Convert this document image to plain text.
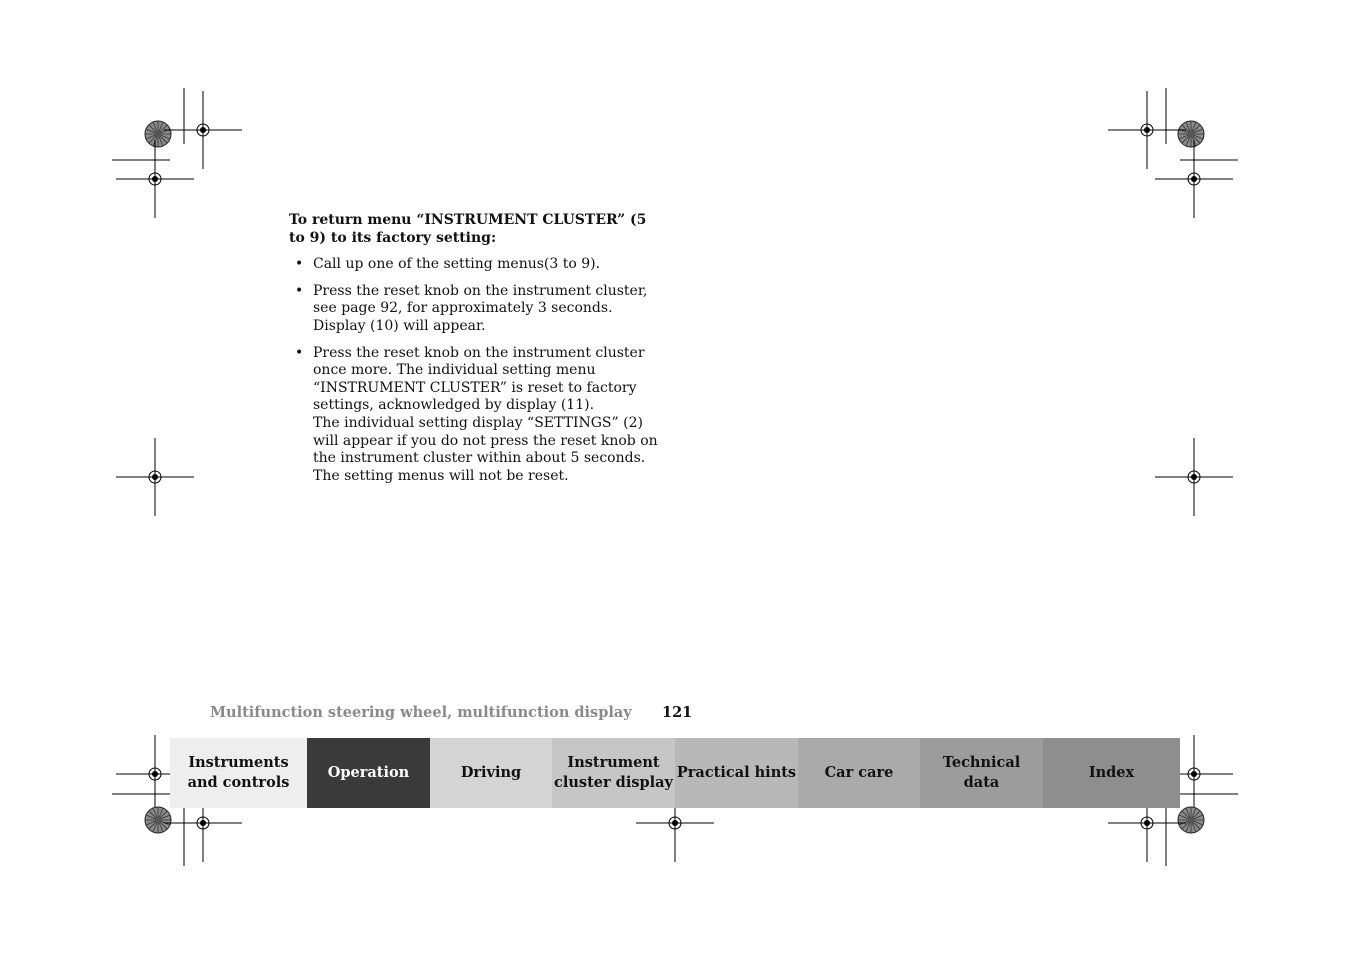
To return menu “INSTRUMENT CLUSTER” (5 to 9) to its factory setting:

• Call up one of the setting menus(3 to 9).

• Press the reset knob on the instrument cluster, see page 92, for approximately 3 seconds. Display (10) will appear.

• Press the reset knob on the instrument cluster once more. The individual setting menu “INSTRUMENT CLUSTER” is reset to factory settings, acknowledged by display (11).

The individual setting display “SETTINGS” (2) will appear if you do not press the reset knob on the instrument cluster within about 5 seconds. The setting menus will not be reset.

Multifunction steering wheel, multifunction display 121
Instruments
and controls
Operation	Driving
Instrument
cluster display
Practical hints Car care
Technical
data
Index
